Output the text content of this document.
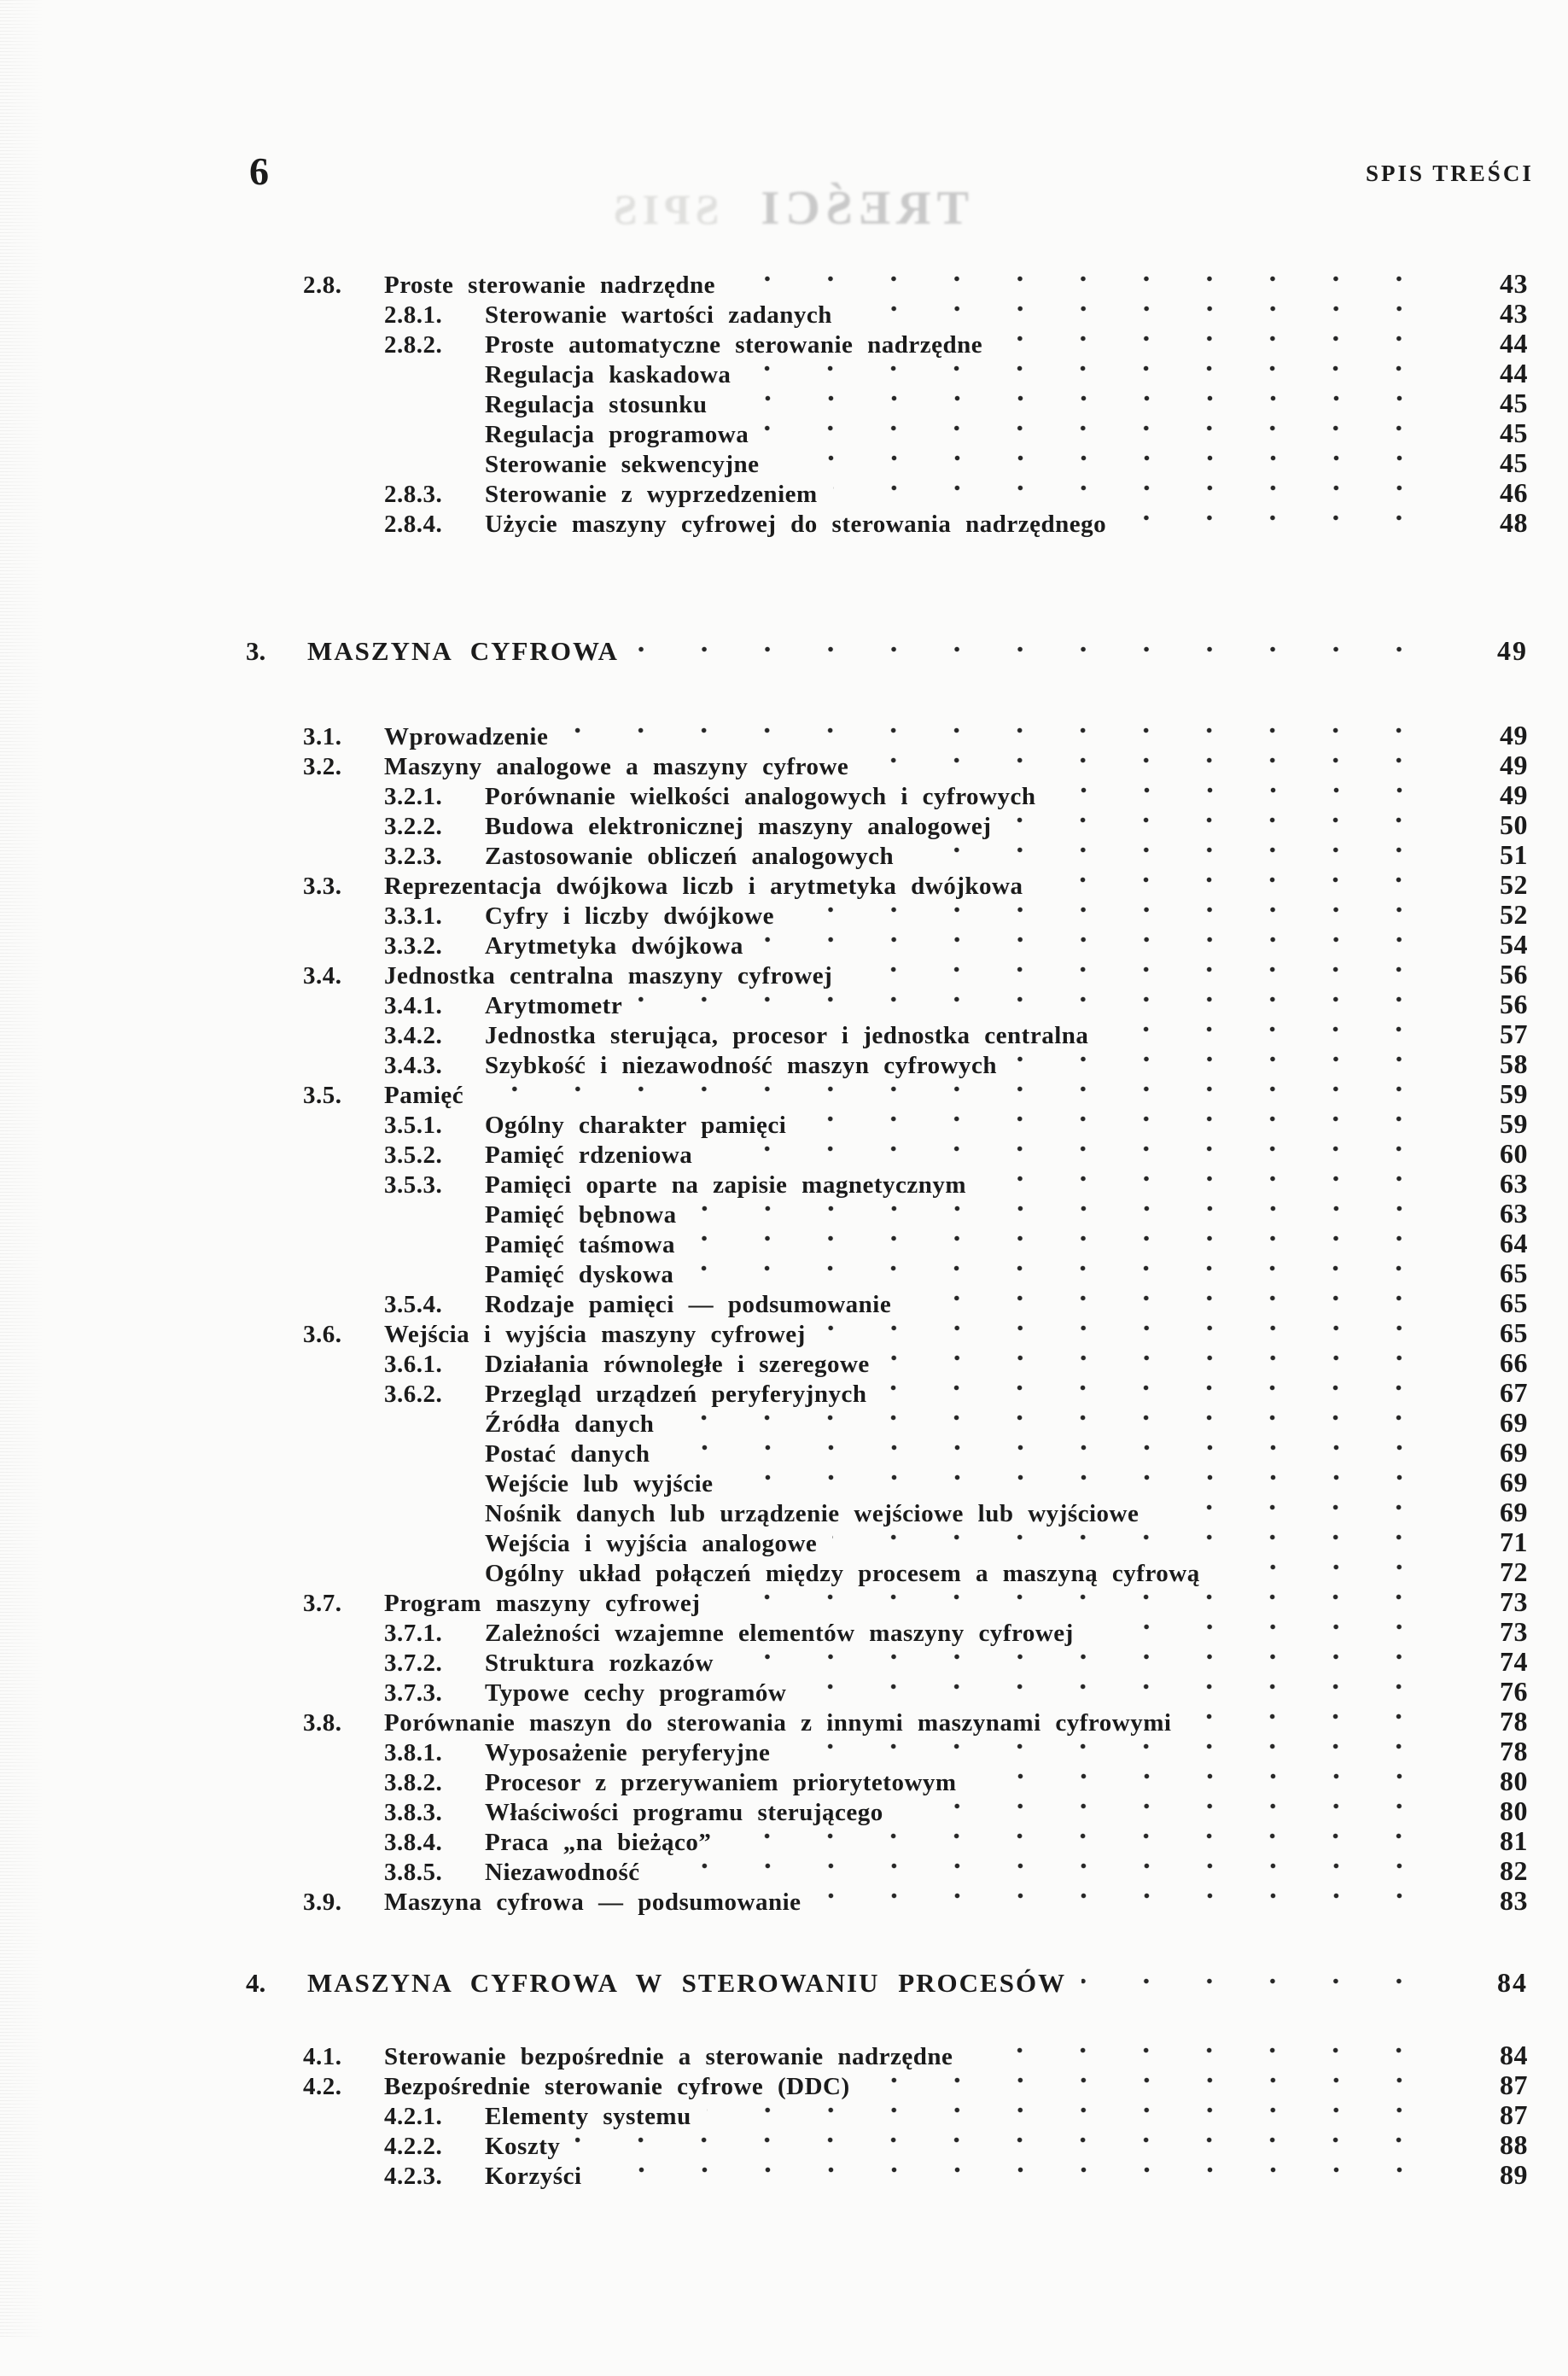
6	SPIS TREŚCI
TREŚCI SPIS
2.8.	Proste sterowanie nadrzędne	43
2.8.1.	Sterowanie wartości zadanych	43
2.8.2.	Proste automatyczne sterowanie nadrzędne	44
Regulacja kaskadowa	44
Regulacja stosunku	45
Regulacja programowa	45
Sterowanie sekwencyjne	45
2.8.3.	Sterowanie z wyprzedzeniem	46
2.8.4.	Użycie maszyny cyfrowej do sterowania nadrzędnego	48
3.	MASZYNA CYFROWA	49
3.1.	Wprowadzenie	49
3.2.	Maszyny analogowe a maszyny cyfrowe	49
3.2.1.	Porównanie wielkości analogowych i cyfrowych	49
3.2.2.	Budowa elektronicznej maszyny analogowej	50
3.2.3.	Zastosowanie obliczeń analogowych	51
3.3.	Reprezentacja dwójkowa liczb i arytmetyka dwójkowa	52
3.3.1.	Cyfry i liczby dwójkowe	52
3.3.2.	Arytmetyka dwójkowa	54
3.4.	Jednostka centralna maszyny cyfrowej	56
3.4.1.	Arytmometr	56
3.4.2.	Jednostka sterująca, procesor i jednostka centralna	57
3.4.3.	Szybkość i niezawodność maszyn cyfrowych	58
3.5.	Pamięć	59
3.5.1.	Ogólny charakter pamięci	59
3.5.2.	Pamięć rdzeniowa	60
3.5.3.	Pamięci oparte na zapisie magnetycznym	63
Pamięć bębnowa	63
Pamięć taśmowa	64
Pamięć dyskowa	65
3.5.4.	Rodzaje pamięci — podsumowanie	65
3.6.	Wejścia i wyjścia maszyny cyfrowej	65
3.6.1.	Działania równoległe i szeregowe	66
3.6.2.	Przegląd urządzeń peryferyjnych	67
Źródła danych	69
Postać danych	69
Wejście lub wyjście	69
Nośnik danych lub urządzenie wejściowe lub wyjściowe	69
Wejścia i wyjścia analogowe	71
Ogólny układ połączeń między procesem a maszyną cyfrową	72
3.7.	Program maszyny cyfrowej	73
3.7.1.	Zależności wzajemne elementów maszyny cyfrowej	73
3.7.2.	Struktura rozkazów	74
3.7.3.	Typowe cechy programów	76
3.8.	Porównanie maszyn do sterowania z innymi maszynami cyfrowymi	78
3.8.1.	Wyposażenie peryferyjne	78
3.8.2.	Procesor z przerywaniem priorytetowym	80
3.8.3.	Właściwości programu sterującego	80
3.8.4.	Praca „na bieżąco”	81
3.8.5.	Niezawodność	82
3.9.	Maszyna cyfrowa — podsumowanie	83
4.	MASZYNA CYFROWA W STEROWANIU PROCESÓW	84
4.1.	Sterowanie bezpośrednie a sterowanie nadrzędne	84
4.2.	Bezpośrednie sterowanie cyfrowe (DDC)	87
4.2.1.	Elementy systemu	87
4.2.2.	Koszty	88
4.2.3.	Korzyści	89
